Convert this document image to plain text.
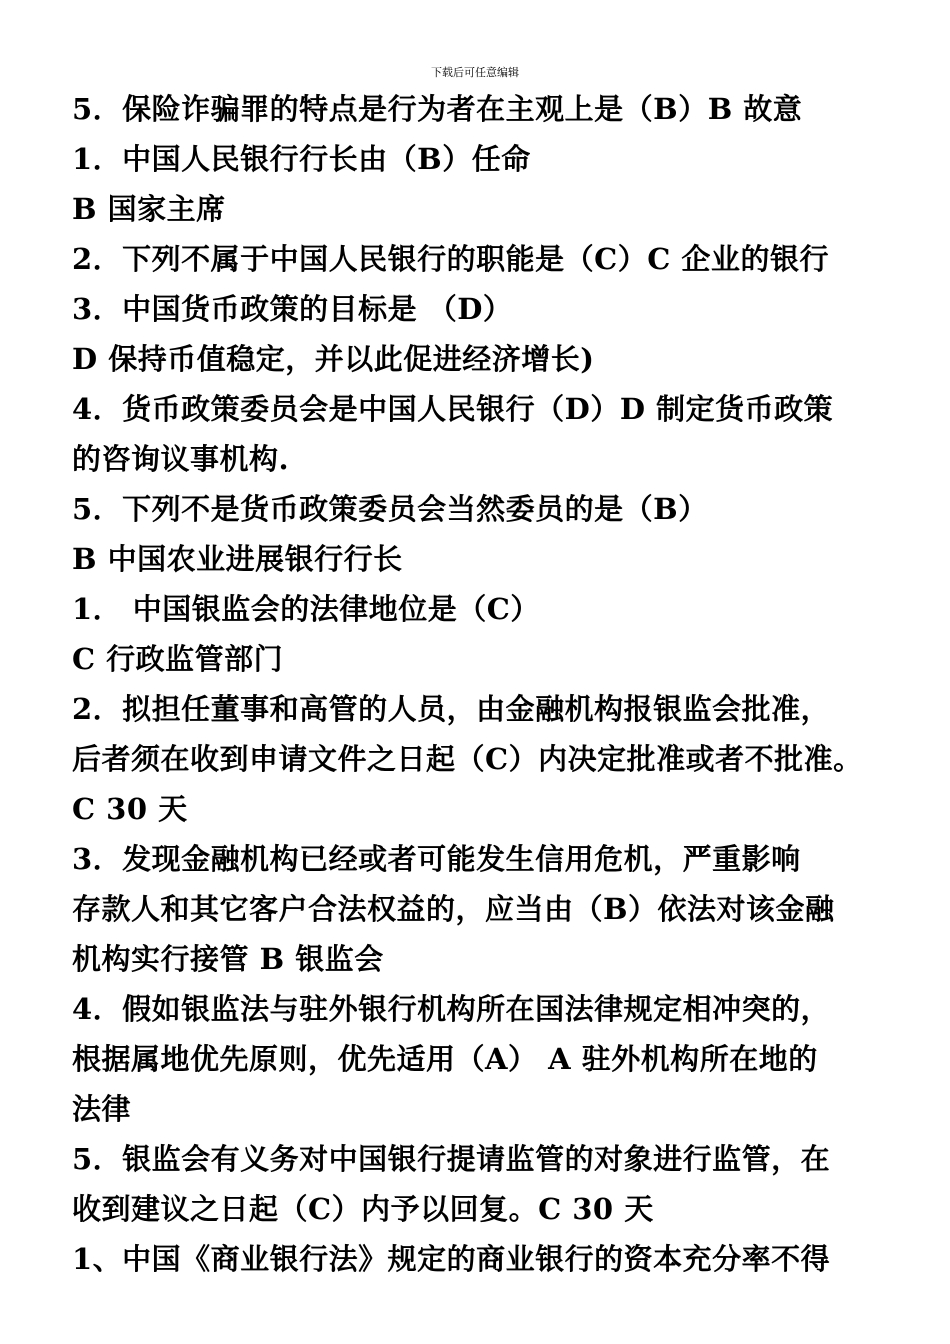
下载后可任意编辑
5．保险诈骗罪的特点是行为者在主观上是（B）B 故意
1．中国人民银行行长由（B）任命
B 国家主席
2．下列不属于中国人民银行的职能是（C）C 企业的银行
3．中国货币政策的目标是 （D）
D 保持币值稳定，并以此促进经济增长)
4．货币政策委员会是中国人民银行（D）D 制定货币政策
的咨询议事机构.
5．下列不是货币政策委员会当然委员的是（B）
B 中国农业进展银行行长
1． 中国银监会的法律地位是（C）
C 行政监管部门
2．拟担任董事和高管的人员，由金融机构报银监会批准，
后者须在收到申请文件之日起（C）内决定批准或者不批准。
C 30 天
3．发现金融机构已经或者可能发生信用危机，严重影响
存款人和其它客户合法权益的，应当由（B）依法对该金融
机构实行接管 B 银监会
4．假如银监法与驻外银行机构所在国法律规定相冲突的，
根据属地优先原则，优先适用（A） A 驻外机构所在地的
法律
5．银监会有义务对中国银行提请监管的对象进行监管，在
收到建议之日起（C）内予以回复。C 30 天
1、中国《商业银行法》规定的商业银行的资本充分率不得
